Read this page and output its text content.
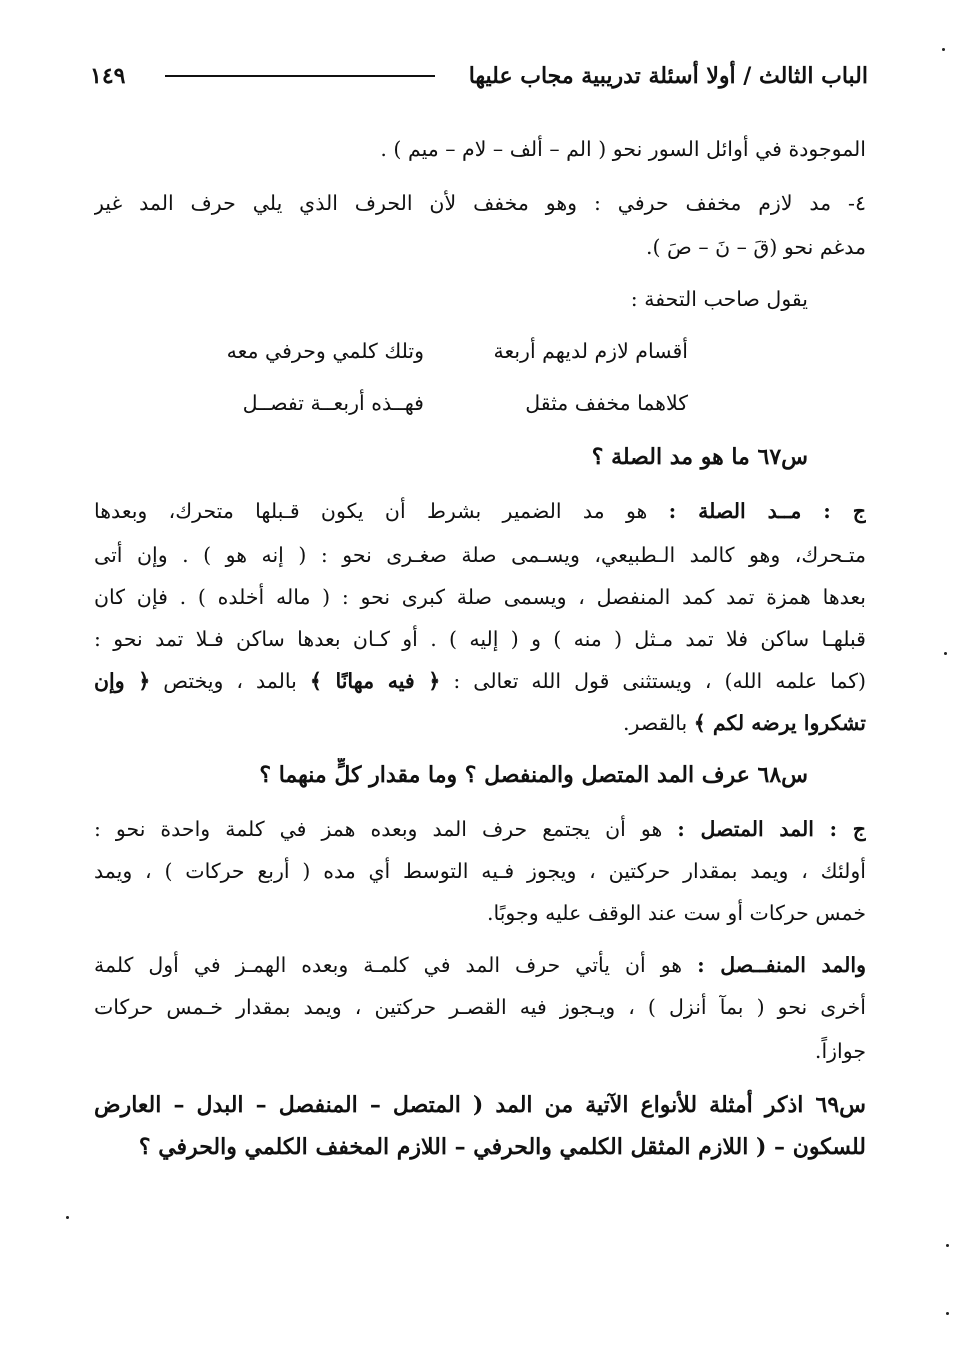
الباب الثالث / أولا أسئلة تدريبية مجاب عليها
١٤٩
الموجودة في أوائل السور نحو ( الم – ألف – لام – ميم ) .
٤- مد لازم مخفف حرفي : وهو مخفف لأن الحرف الذي يلي حرف المد غير
مدغم نحو (قَ – نَ – صَ ).
يقول صاحب التحفة :
أقسام لازم لديهم أربعة
وتلك كلمي وحرفي معه
كلاهما مخفف مثقل
فهــذه أربعــة تفصــل
س٦٧ ما هو مد الصلة ؟
ج : مــد الصلة : هو مد الضمير بشرط أن يكون قـبلها متحرك، وبعدها
متـحرك، وهو كالمد الـطبيعي، ويسـمى صلة صغـرى نحو : ( إنه هو ) . وإن أتى
بعدها همزة تمد كمد المنفصل ، ويسمى صلة كبرى نحو : ( ماله أخلده ) . فإن كان
قبلهـا ساكن فلا تمد مـثل ( منه ) و ( إليه ) . أو كـان بعدها ساكن فـلا تمد نحو :
(كما علمه الله) ، ويستثنى قول الله تعالى : ﴿ فيه مهانًا ﴾ بالمد ، ويختص ﴿ وإن
تشكروا يرضه لكم ﴾ بالقصر.
س٦٨ عرف المد المتصل والمنفصل ؟ وما مقدار كلٍّ منهما ؟
ج : المد المتصل : هو أن يجتمع حرف المد وبعده همز في كلمة واحدة نحو :
أولئك ، ويمد بمقدار حركتين ، ويجوز فـيه التوسط أي مده ( أربع حركات ) ، ويمد
خمس حركات أو ست عند الوقف عليه وجوبًا.
والمد المنفــصل : هو أن يأتي حرف المد في كلمـة وبعده الهمـز في أول كلمة
أخرى نحو ( بمآ أنزل ) ، ويـجوز فيه القصـر حركتين ، ويمد بمقدار خـمس حركات
جوازاً.
س٦٩ اذكر أمثلة للأنواع الآتية من المد ( المتصل – المنفصل – البدل – العارض
للسكون – ( اللازم المثقل الكلمي والحرفي – اللازم المخفف الكلمي والحرفي ؟
